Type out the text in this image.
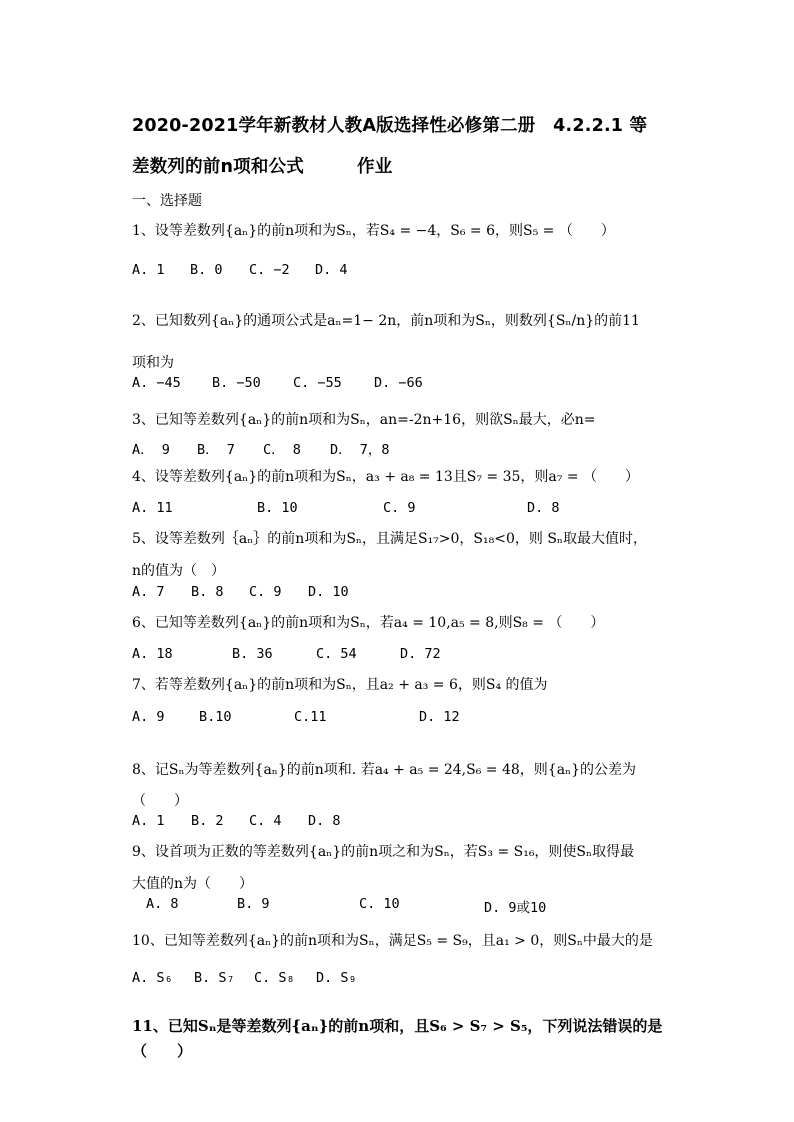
2020-2021学年新教材人教A版选择性必修第二册　4.2.2.1 等
差数列的前n项和公式　　　作业
一、选择题
1、设等差数列{aₙ}的前n项和为Sₙ，若S₄ = −4，S₆ = 6，则S₅ = （　　）
A. 1 B. 0 C. −2 D. 4
2、已知数列{aₙ}的通项公式是aₙ=1− 2n，前n项和为Sₙ，则数列{Sₙ/n}的前11
项和为
A. −45 B. −50 C. −55 D. −66
3、已知等差数列{aₙ}的前n项和为Sₙ，an=-2n+16，则欲Sₙ最大，必n=
A． 9 B． 7 C． 8 D． 7，8
4、设等差数列{aₙ}的前n项和为Sₙ，a₃ + a₈ = 13且S₇ = 35，则a₇ = （　　）
A. 11	B. 10	C. 9	D. 8
5、设等差数列｛aₙ｝的前n项和为Sₙ，且满足S₁₇>0，S₁₈<0，则 Sₙ取最大值时，
n的值为（　）
A. 7 B. 8 C. 9 D. 10
6、已知等差数列{aₙ}的前n项和为Sₙ，若a₄ = 10,a₅ = 8,则S₈ = （　　）
A. 18	B. 36	C. 54	D. 72
7、若等差数列{aₙ}的前n项和为Sₙ，且a₂ + a₃ = 6，则S₄ 的值为
A. 9	B.10	C.11	D. 12
8、记Sₙ为等差数列{aₙ}的前n项和. 若a₄ + a₅ = 24,S₆ = 48，则{aₙ}的公差为
（　　）
A. 1 B. 2 C. 4 D. 8
9、设首项为正数的等差数列{aₙ}的前n项之和为Sₙ，若S₃ = S₁₆，则使Sₙ取得最
大值的n为（　　）
A. 8	B. 9	C. 10	D. 9或10
10、已知等差数列{aₙ}的前n项和为Sₙ，满足S₅ = S₉，且a₁ > 0，则Sₙ中最大的是
A. S₆ B. S₇ C. S₈ D. S₉
11、已知Sₙ是等差数列{aₙ}的前n项和，且S₆ > S₇ > S₅，下列说法错误的是
（　　）
